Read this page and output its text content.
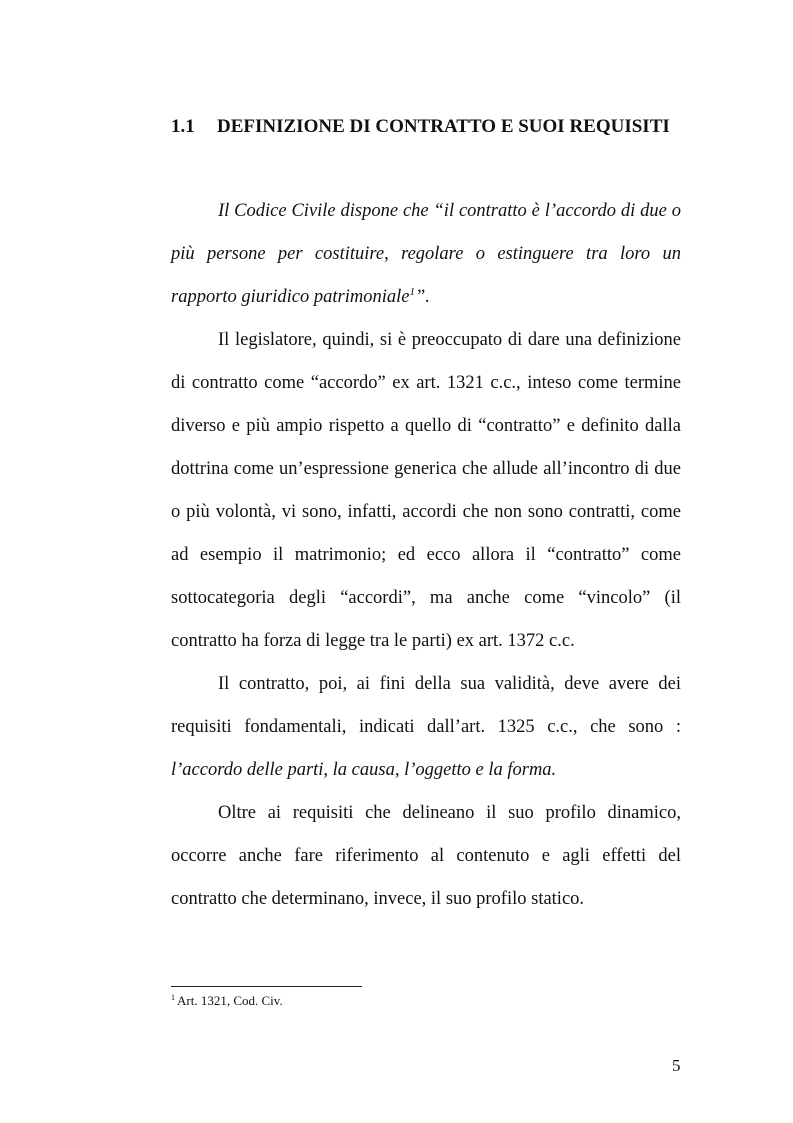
1.1 DEFINIZIONE DI CONTRATTO E SUOI REQUISITI

Il Codice Civile dispone che “il contratto è l’accordo di due o più persone per costituire, regolare o estinguere tra loro un rapporto giuridico patrimoniale$^1$”.

Il legislatore, quindi, si è preoccupato di dare una definizione di contratto come “accordo” ex art. 1321 c.c., inteso come termine diverso e più ampio rispetto a quello di “contratto” e definito dalla dottrina come un’espressione generica che allude all’incontro di due o più volontà, vi sono, infatti, accordi che non sono contratti, come ad esempio il matrimonio; ed ecco allora il “contratto” come sottocategoria degli “accordi”, ma anche come “vincolo” (il contratto ha forza di legge tra le parti) ex art. 1372 c.c.

Il contratto, poi, ai fini della sua validità, deve avere dei requisiti fondamentali, indicati dall’art. 1325 c.c., che sono : l’accordo delle parti, la causa, l’oggetto e la forma.

Oltre ai requisiti che delineano il suo profilo dinamico, occorre anche fare riferimento al contenuto e agli effetti del contratto che determinano, invece, il suo profilo statico.

$^1$ Art. 1321, Cod. Civ.
5
